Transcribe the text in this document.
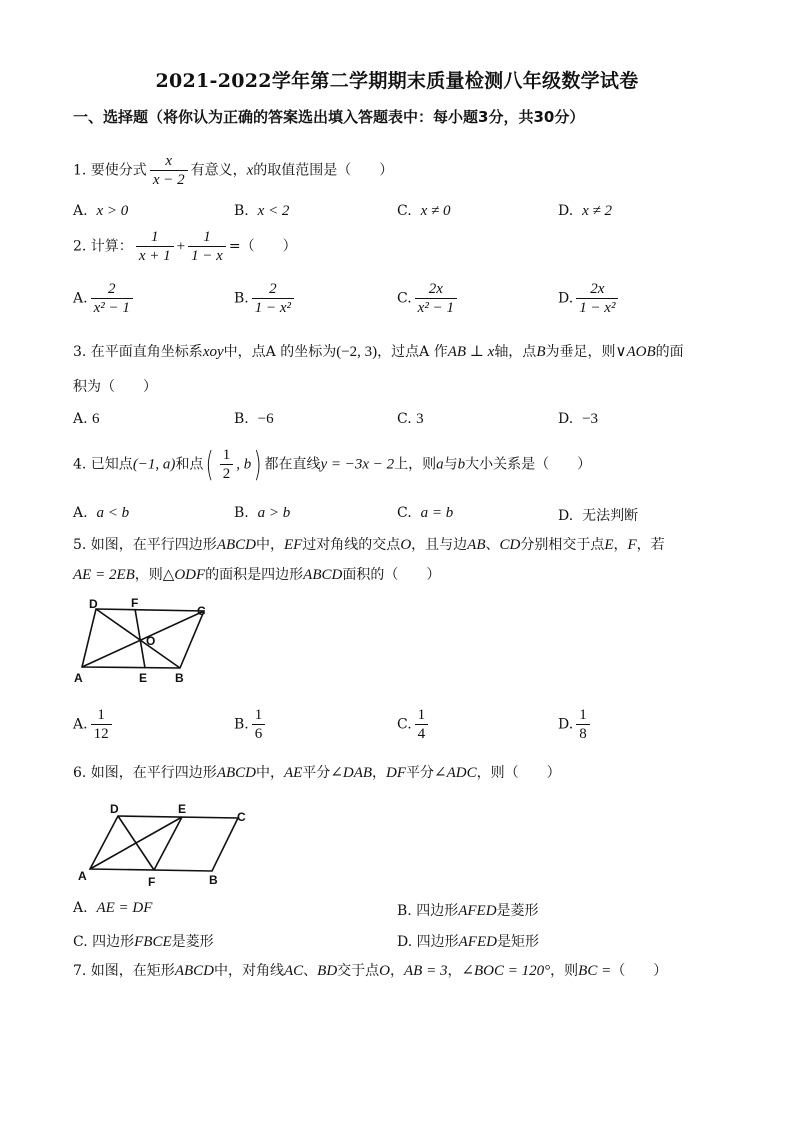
2021-2022学年第二学期期末质量检测八年级数学试卷
一、选择题（将你认为正确的答案选出填入答题表中：每小题3分，共30分）
1. 要使分式 $\frac{x}{x - 2}$ 有意义，x的取值范围是（　　）
A. x > 0	B. x < 2	C. x ≠ 0	D. x ≠ 2
2. 计算： $\frac{1}{x + 1} + \frac{1}{1 - x}$ =（　　）
A. $\frac{2}{\text{x² − 1}}$	B. $\frac{2}{\text{1 − x²}}$	C. $\frac{2x}{\text{x² − 1}}$	D. $\frac{2x}{\text{1 − x²}}$
3. 在平面直角坐标系xoy中，点A 的坐标为(−2, 3)，过点A 作AB ⊥ x轴，点B为垂足，则∨AOB的面
积为（　　）
A. 6	B. −6	C. 3	D. −3
4. 已知点(−1, a)和点( $\frac{1}{2}$ , b) 都在直线y = −3x − 2上，则a与b大小关系是（　　）
A. a < b	B. a > b	C. a = b	D. 无法判断
5. 如图，在平行四边形ABCD中，EF过对角线的交点O，且与边AB、CD分别相交于点E，F，若
AE = 2EB，则△ODF的面积是四边形ABCD面积的（　　）
D	F
C
O
A	E B
A. $\frac{1}{12}$	B. $\frac{1}{6}$	C. $\frac{1}{4}$	D. $\frac{1}{8}$
6. 如图，在平行四边形ABCD中，AE平分∠DAB，DF平分∠ADC，则（　　）
D	E
C
A	F	B
A. AE = DF	B. 四边形AFED是菱形
C. 四边形FBCE是菱形	D. 四边形AFED是矩形
7. 如图，在矩形ABCD中，对角线AC、BD交于点O，AB = 3，∠BOC = 120°，则BC =（　　）
